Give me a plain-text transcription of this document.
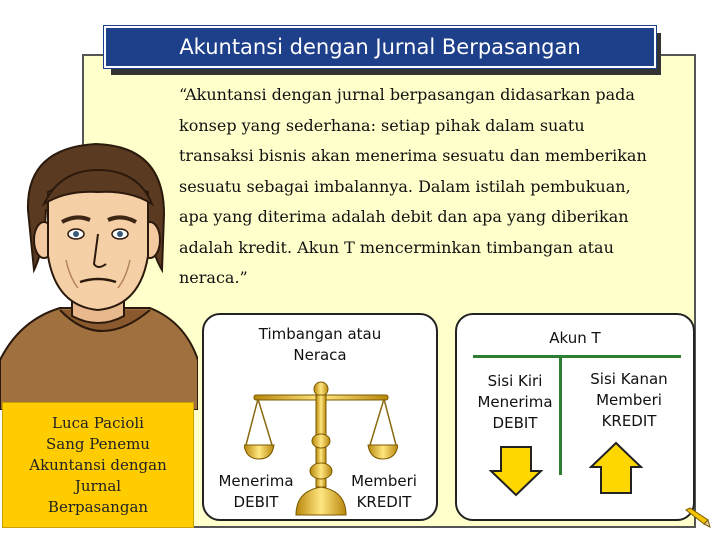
Akuntansi dengan Jurnal Berpasangan

“Akuntansi dengan jurnal berpasangan didasarkan pada
konsep yang sederhana: setiap pihak dalam suatu
transaksi bisnis akan menerima sesuatu dan memberikan
sesuatu sebagai imbalannya. Dalam istilah pembukuan,
apa yang diterima adalah debit dan apa yang diberikan
adalah kredit. Akun T mencerminkan timbangan atau
neraca.”

Luca Pacioli
Sang Penemu
Akuntansi dengan
Jurnal
Berpasangan
Timbangan atau
Neraca
Menerima
DEBIT
Memberi
KREDIT
Akun T
Sisi Kiri
Menerima
DEBIT
Sisi Kanan
Memberi
KREDIT
